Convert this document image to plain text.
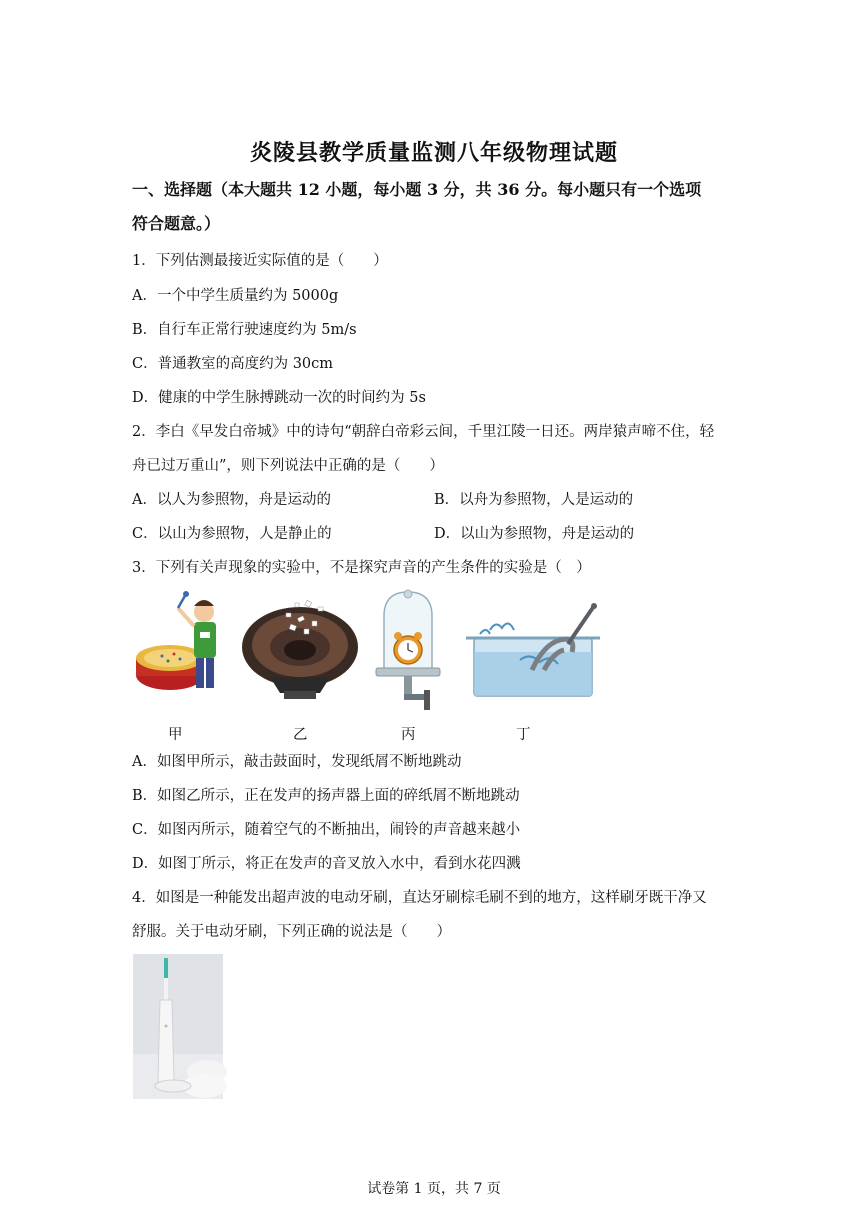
炎陵县教学质量监测八年级物理试题
一、选择题（本大题共 12 小题，每小题 3 分，共 36 分。每小题只有一个选项
符合题意。）
1．下列估测最接近实际值的是（　　）
A．一个中学生质量约为 5000g
B．自行车正常行驶速度约为 5m/s
C．普通教室的高度约为 30cm
D．健康的中学生脉搏跳动一次的时间约为 5s
2．李白《早发白帝城》中的诗句“朝辞白帝彩云间，千里江陵一日还。两岸猿声啼不住，轻
舟已过万重山”，则下列说法中正确的是（　　）
A．以人为参照物，舟是运动的	B．以舟为参照物，人是运动的
C．以山为参照物，人是静止的	D．以山为参照物，舟是运动的
3．下列有关声现象的实验中，不是探究声音的产生条件的实验是（　）
甲	乙	丙	丁
A．如图甲所示，敲击鼓面时，发现纸屑不断地跳动
B．如图乙所示，正在发声的扬声器上面的碎纸屑不断地跳动
C．如图丙所示，随着空气的不断抽出，闹铃的声音越来越小
D．如图丁所示，将正在发声的音叉放入水中，看到水花四溅
4．如图是一种能发出超声波的电动牙刷，直达牙刷棕毛刷不到的地方，这样刷牙既干净又
舒服。关于电动牙刷，下列正确的说法是（　　）
试卷第 1 页，共 7 页
